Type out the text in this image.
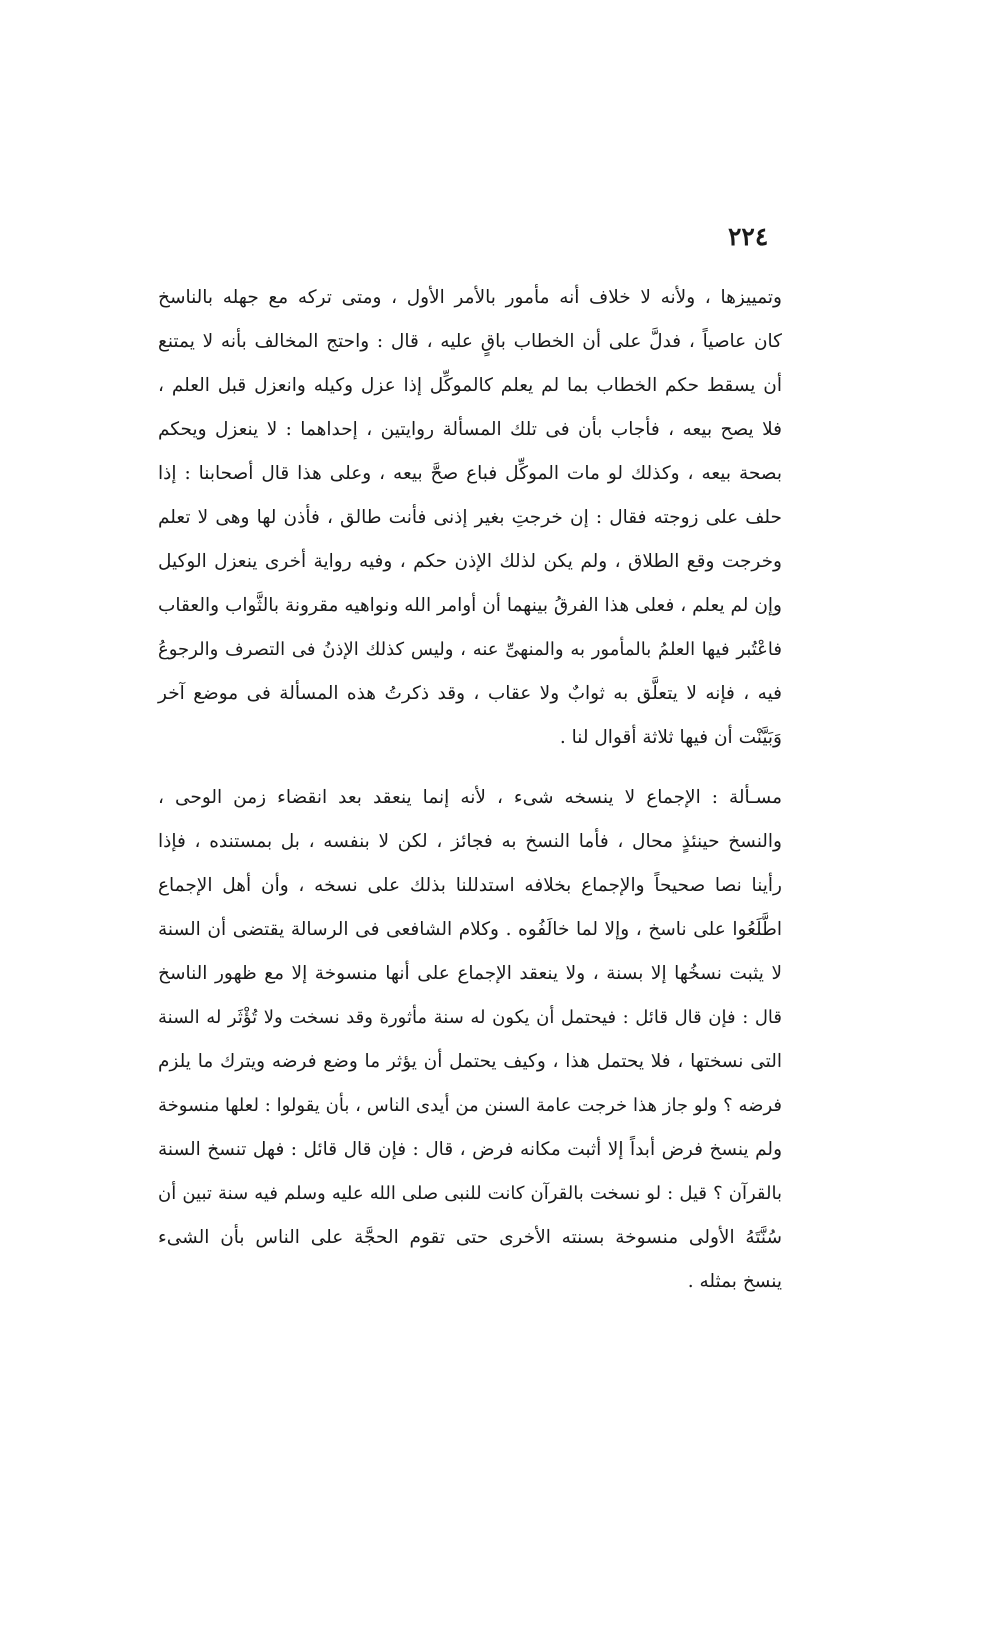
٢٢٤
وتمييزها ، ولأنه لا خلاف أنه مأمور بالأمر الأول ، ومتى تركه مع جهله بالناسخ
كان عاصياً ، فدلَّ على أن الخطاب باقٍ عليه ، قال : واحتج المخالف بأنه لا يمتنع
أن يسقط حكم الخطاب بما لم يعلم كالموكِّل إذا عزل وكيله وانعزل قبل العلم ،
فلا يصح بيعه ، فأجاب بأن فى تلك المسألة روايتين ، إحداهما : لا ينعزل ويحكم
بصحة بيعه ، وكذلك لو مات الموكِّل فباع صحَّ بيعه ، وعلى هذا قال أصحابنا : إذا
حلف على زوجته فقال : إن خرجتِ بغير إذنى فأنت طالق ، فأذن لها وهى لا تعلم
وخرجت وقع الطلاق ، ولم يكن لذلك الإذن حكم ، وفيه رواية أخرى ينعزل الوكيل
وإن لم يعلم ، فعلى هذا الفرقُ بينهما أن أوامر الله ونواهيه مقرونة بالثَّواب والعقاب
فاعْتُبر فيها العلمُ بالمأمور به والمنهىِّ عنه ، وليس كذلك الإذنُ فى التصرف والرجوعُ
فيه ، فإنه لا يتعلَّق به ثوابٌ ولا عقاب ، وقد ذكرتُ هذه المسألة فى موضع آخر
وَبَيَّنْت أن فيها ثلاثة أقوال لنا .
مسـألة : الإجماع لا ينسخه شىء ، لأنه إنما ينعقد بعد انقضاء زمن الوحى ،
والنسخ حينئذٍ محال ، فأما النسخ به فجائز ، لكن لا بنفسه ، بل بمستنده ، فإذا
رأينا نصا صحيحاً والإجماع بخلافه استدللنا بذلك على نسخه ، وأن أهل الإجماع
اطَّلَعُوا على ناسخ ، وإلا لما خالَفُوه . وكلام الشافعى فى الرسالة يقتضى أن السنة
لا يثبت نسخُها إلا بسنة ، ولا ينعقد الإجماع على أنها منسوخة إلا مع ظهور الناسخ
قال : فإن قال قائل : فيحتمل أن يكون له سنة مأثورة وقد نسخت ولا تُؤْثَر له السنة
التى نسختها ، فلا يحتمل هذا ، وكيف يحتمل أن يؤثر ما وضع فرضه ويترك ما يلزم
فرضه ؟ ولو جاز هذا خرجت عامة السنن من أيدى الناس ، بأن يقولوا : لعلها منسوخة
ولم ينسخ فرض أبداً إلا أثبت مكانه فرض ، قال : فإن قال قائل : فهل تنسخ السنة
بالقرآن ؟ قيل : لو نسخت بالقرآن كانت للنبى صلى الله عليه وسلم فيه سنة تبين أن
سُنَّتَهُ الأولى منسوخة بسنته الأخرى حتى تقوم الحجَّة على الناس بأن الشىء
ينسخ بمثله .
